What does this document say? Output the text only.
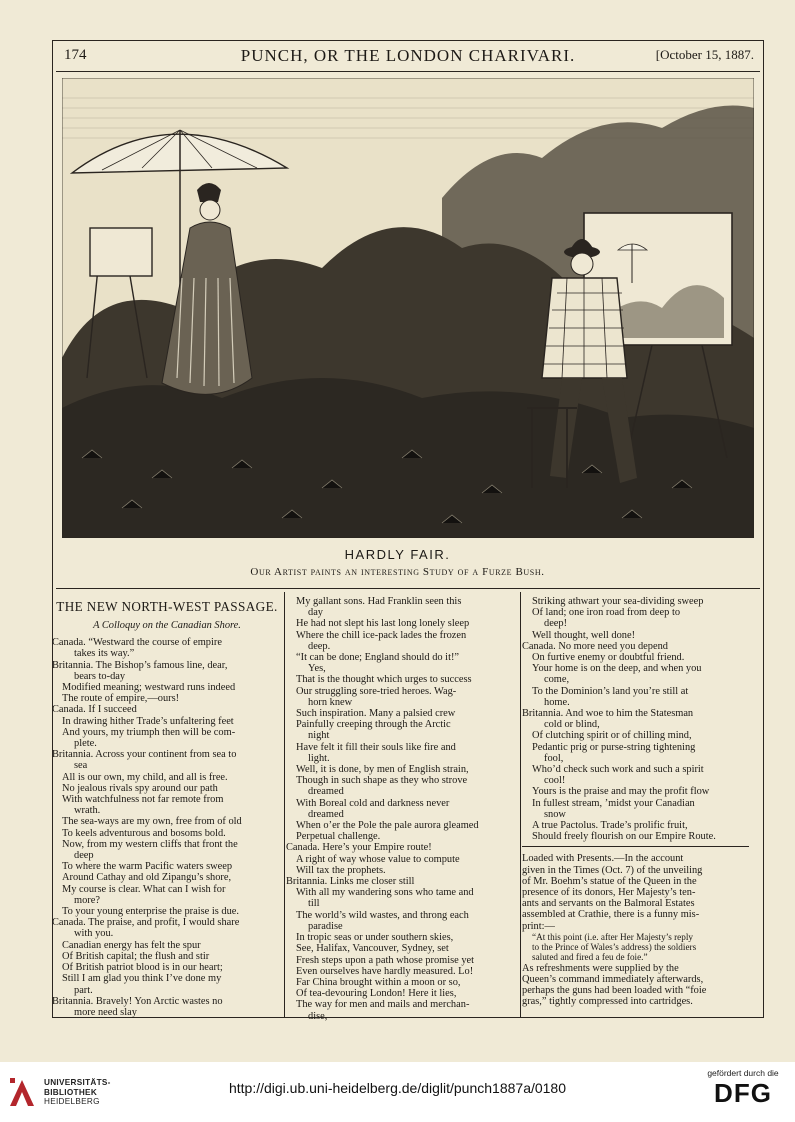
174	PUNCH, OR THE LONDON CHARIVARI.	[October 15, 1887.
HARDLY FAIR.
Our Artist paints an interesting Study of a Furze Bush.
THE NEW NORTH-WEST PASSAGE.
A Colloquy on the Canadian Shore.
Canada. “Westward the course of empire
takes its way.”
Britannia. The Bishop’s famous line, dear,
bears to-day
Modified meaning; westward runs indeed
The route of empire,—ours!
Canada. If I succeed
In drawing hither Trade’s unfaltering feet
And yours, my triumph then will be com-
plete.
Britannia. Across your continent from sea to
sea
All is our own, my child, and all is free.
No jealous rivals spy around our path
With watchfulness not far remote from
wrath.
The sea-ways are my own, free from of old
To keels adventurous and bosoms bold.
Now, from my western cliffs that front the
deep
To where the warm Pacific waters sweep
Around Cathay and old Zipangu’s shore,
My course is clear. What can I wish for
more?
To your young enterprise the praise is due.
Canada. The praise, and profit, I would share
with you.
Canadian energy has felt the spur
Of British capital; the flush and stir
Of British patriot blood is in our heart;
Still I am glad you think I’ve done my
part.
Britannia. Bravely! Yon Arctic wastes no
more need slay
My gallant sons. Had Franklin seen this
day
He had not slept his last long lonely sleep
Where the chill ice-pack lades the frozen
deep.
“It can be done; England should do it!”
Yes,
That is the thought which urges to success
Our struggling sore-tried heroes. Wag-
horn knew
Such inspiration. Many a palsied crew
Painfully creeping through the Arctic
night
Have felt it fill their souls like fire and
light.
Well, it is done, by men of English strain,
Though in such shape as they who strove
dreamed
With Boreal cold and darkness never
dreamed
When o’er the Pole the pale aurora gleamed
Perpetual challenge.
Canada. Here’s your Empire route!
A right of way whose value to compute
Will tax the prophets.
Britannia. Links me closer still
With all my wandering sons who tame and
till
The world’s wild wastes, and throng each
paradise
In tropic seas or under southern skies,
See, Halifax, Vancouver, Sydney, set
Fresh steps upon a path whose promise yet
Even ourselves have hardly measured. Lo!
Far China brought within a moon or so,
Of tea-devouring London! Here it lies,
The way for men and mails and merchan-
dise,
Striking athwart your sea-dividing sweep
Of land; one iron road from deep to
deep!
Well thought, well done!
Canada. No more need you depend
On furtive enemy or doubtful friend.
Your home is on the deep, and when you
come,
To the Dominion’s land you’re still at
home.
Britannia. And woe to him the Statesman
cold or blind,
Of clutching spirit or of chilling mind,
Pedantic prig or purse-string tightening
fool,
Who’d check such work and such a spirit
cool!
Yours is the praise and may the profit flow
In fullest stream, ’midst your Canadian
snow
A true Pactolus. Trade’s prolific fruit,
Should freely flourish on our Empire Route.
Loaded with Presents.—In the account
given in the Times (Oct. 7) of the unveiling
of Mr. Boehm’s statue of the Queen in the
presence of its donors, Her Majesty’s ten-
ants and servants on the Balmoral Estates
assembled at Crathie, there is a funny mis-
print:—
“At this point (i.e. after Her Majesty’s reply
to the Prince of Wales’s address) the soldiers
saluted and fired a feu de foie.”
As refreshments were supplied by the
Queen’s command immediately afterwards,
perhaps the guns had been loaded with “foie
gras,” tightly compressed into cartridges.
UNIVERSITÄTS-
BIBLIOTHEK
HEIDELBERG
http://digi.ub.uni-heidelberg.de/diglit/punch1887a/0180
gefördert durch die
DFG
